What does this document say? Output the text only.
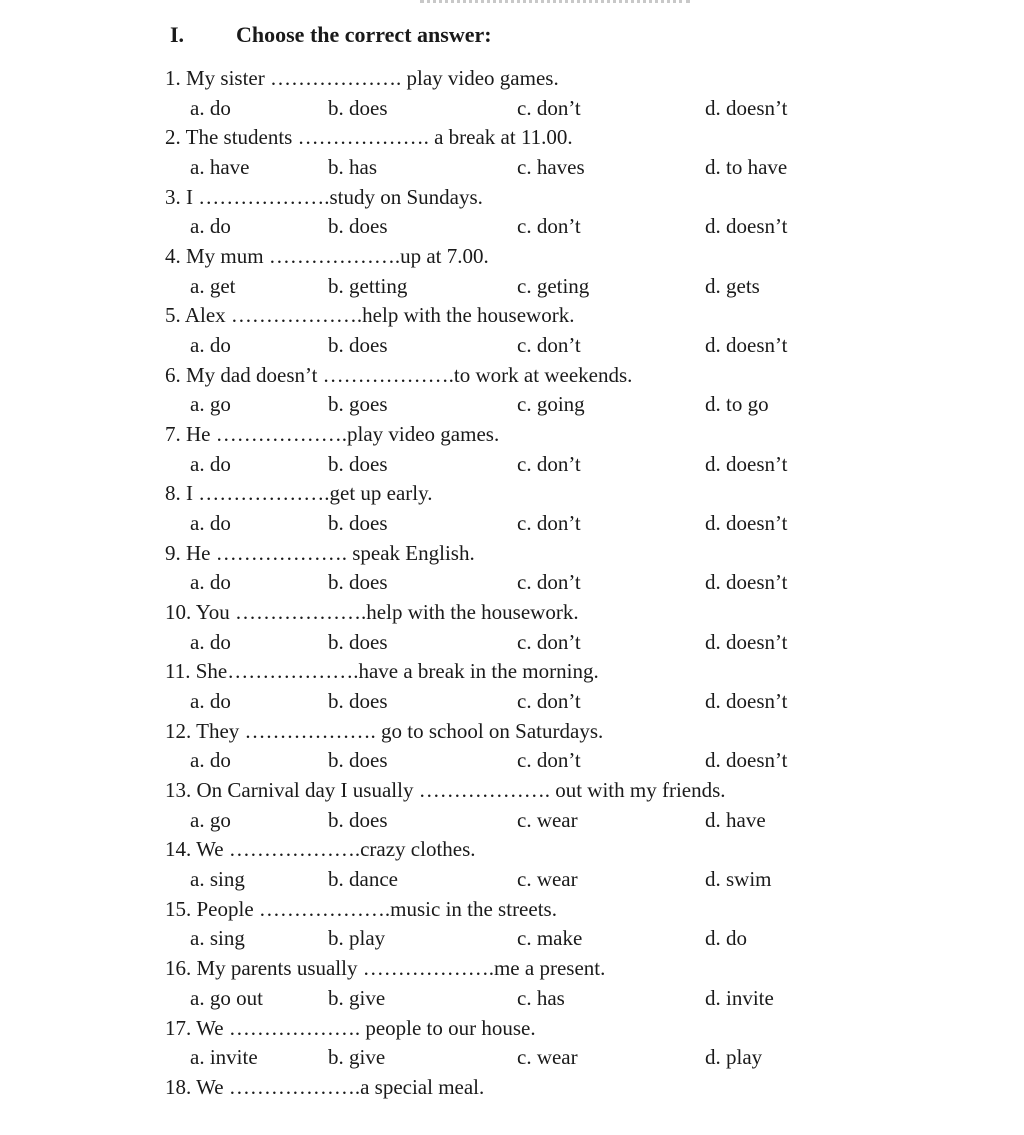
I. Choose the correct answer:
1. My sister ………………. play video games.
a. do	b. does	c. don’t	d. doesn’t
2. The students ………………. a break at 11.00.
a. have	b. has	c. haves	d. to have
3. I ……………….study on Sundays.
a. do	b. does	c. don’t	d. doesn’t
4. My mum ……………….up at 7.00.
a. get	b. getting	c. geting	d. gets
5. Alex ……………….help with the housework.
a. do	b. does	c. don’t	d. doesn’t
6. My dad doesn’t ……………….to work at weekends.
a. go	b. goes	c. going	d. to go
7. He ……………….play video games.
a. do	b. does	c. don’t	d. doesn’t
8. I ……………….get up early.
a. do	b. does	c. don’t	d. doesn’t
9. He ………………. speak English.
a. do	b. does	c. don’t	d. doesn’t
10. You ……………….help with the housework.
a. do	b. does	c. don’t	d. doesn’t
11. She……………….have a break in the morning.
a. do	b. does	c. don’t	d. doesn’t
12. They ………………. go to school on Saturdays.
a. do	b. does	c. don’t	d. doesn’t
13. On Carnival day I usually ………………. out with my friends.
a. go	b. does	c. wear	d. have
14. We ……………….crazy clothes.
a. sing	b. dance	c. wear	d. swim
15. People ……………….music in the streets.
a. sing	b. play	c. make	d. do
16. My parents usually ……………….me a present.
a. go out	b. give	c. has	d. invite
17. We ………………. people to our house.
a. invite	b. give	c. wear	d. play
18. We ……………….a special meal.
